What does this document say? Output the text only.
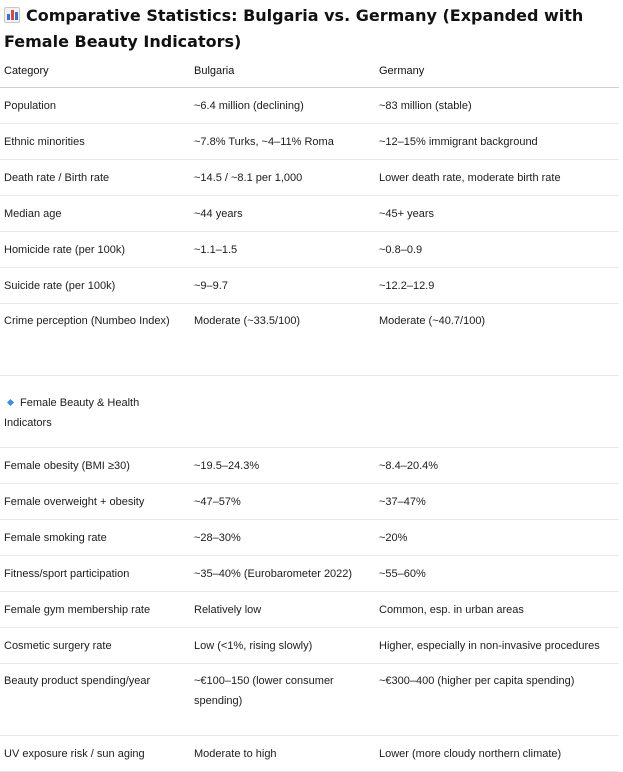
Comparative Statistics: Bulgaria vs. Germany (Expanded with Female Beauty Indicators)
Category	Bulgaria	Germany
Population	~6.4 million (declining)	~83 million (stable)
Ethnic minorities	~7.8% Turks, ~4–11% Roma	~12–15% immigrant background
Death rate / Birth rate	~14.5 / ~8.1 per 1,000	Lower death rate, moderate birth rate
Median age	~44 years	~45+ years
Homicide rate (per 100k)	~1.1–1.5	~0.8–0.9
Suicide rate (per 100k)	~9–9.7	~12.2–12.9
Crime perception (Numbeo Index)	Moderate (~33.5/100)	Moderate (~40.7/100)
Female Beauty & Health Indicators		
Female obesity (BMI ≥30)	~19.5–24.3%	~8.4–20.4%
Female overweight + obesity	~47–57%	~37–47%
Female smoking rate	~28–30%	~20%
Fitness/sport participation	~35–40% (Eurobarometer 2022)	~55–60%
Female gym membership rate	Relatively low	Common, esp. in urban areas
Cosmetic surgery rate	Low (<1%, rising slowly)	Higher, especially in non-invasive procedures
Beauty product spending/year	~€100–150 (lower consumer spending)	~€300–400 (higher per capita spending)
UV exposure risk / sun aging	Moderate to high	Lower (more cloudy northern climate)
